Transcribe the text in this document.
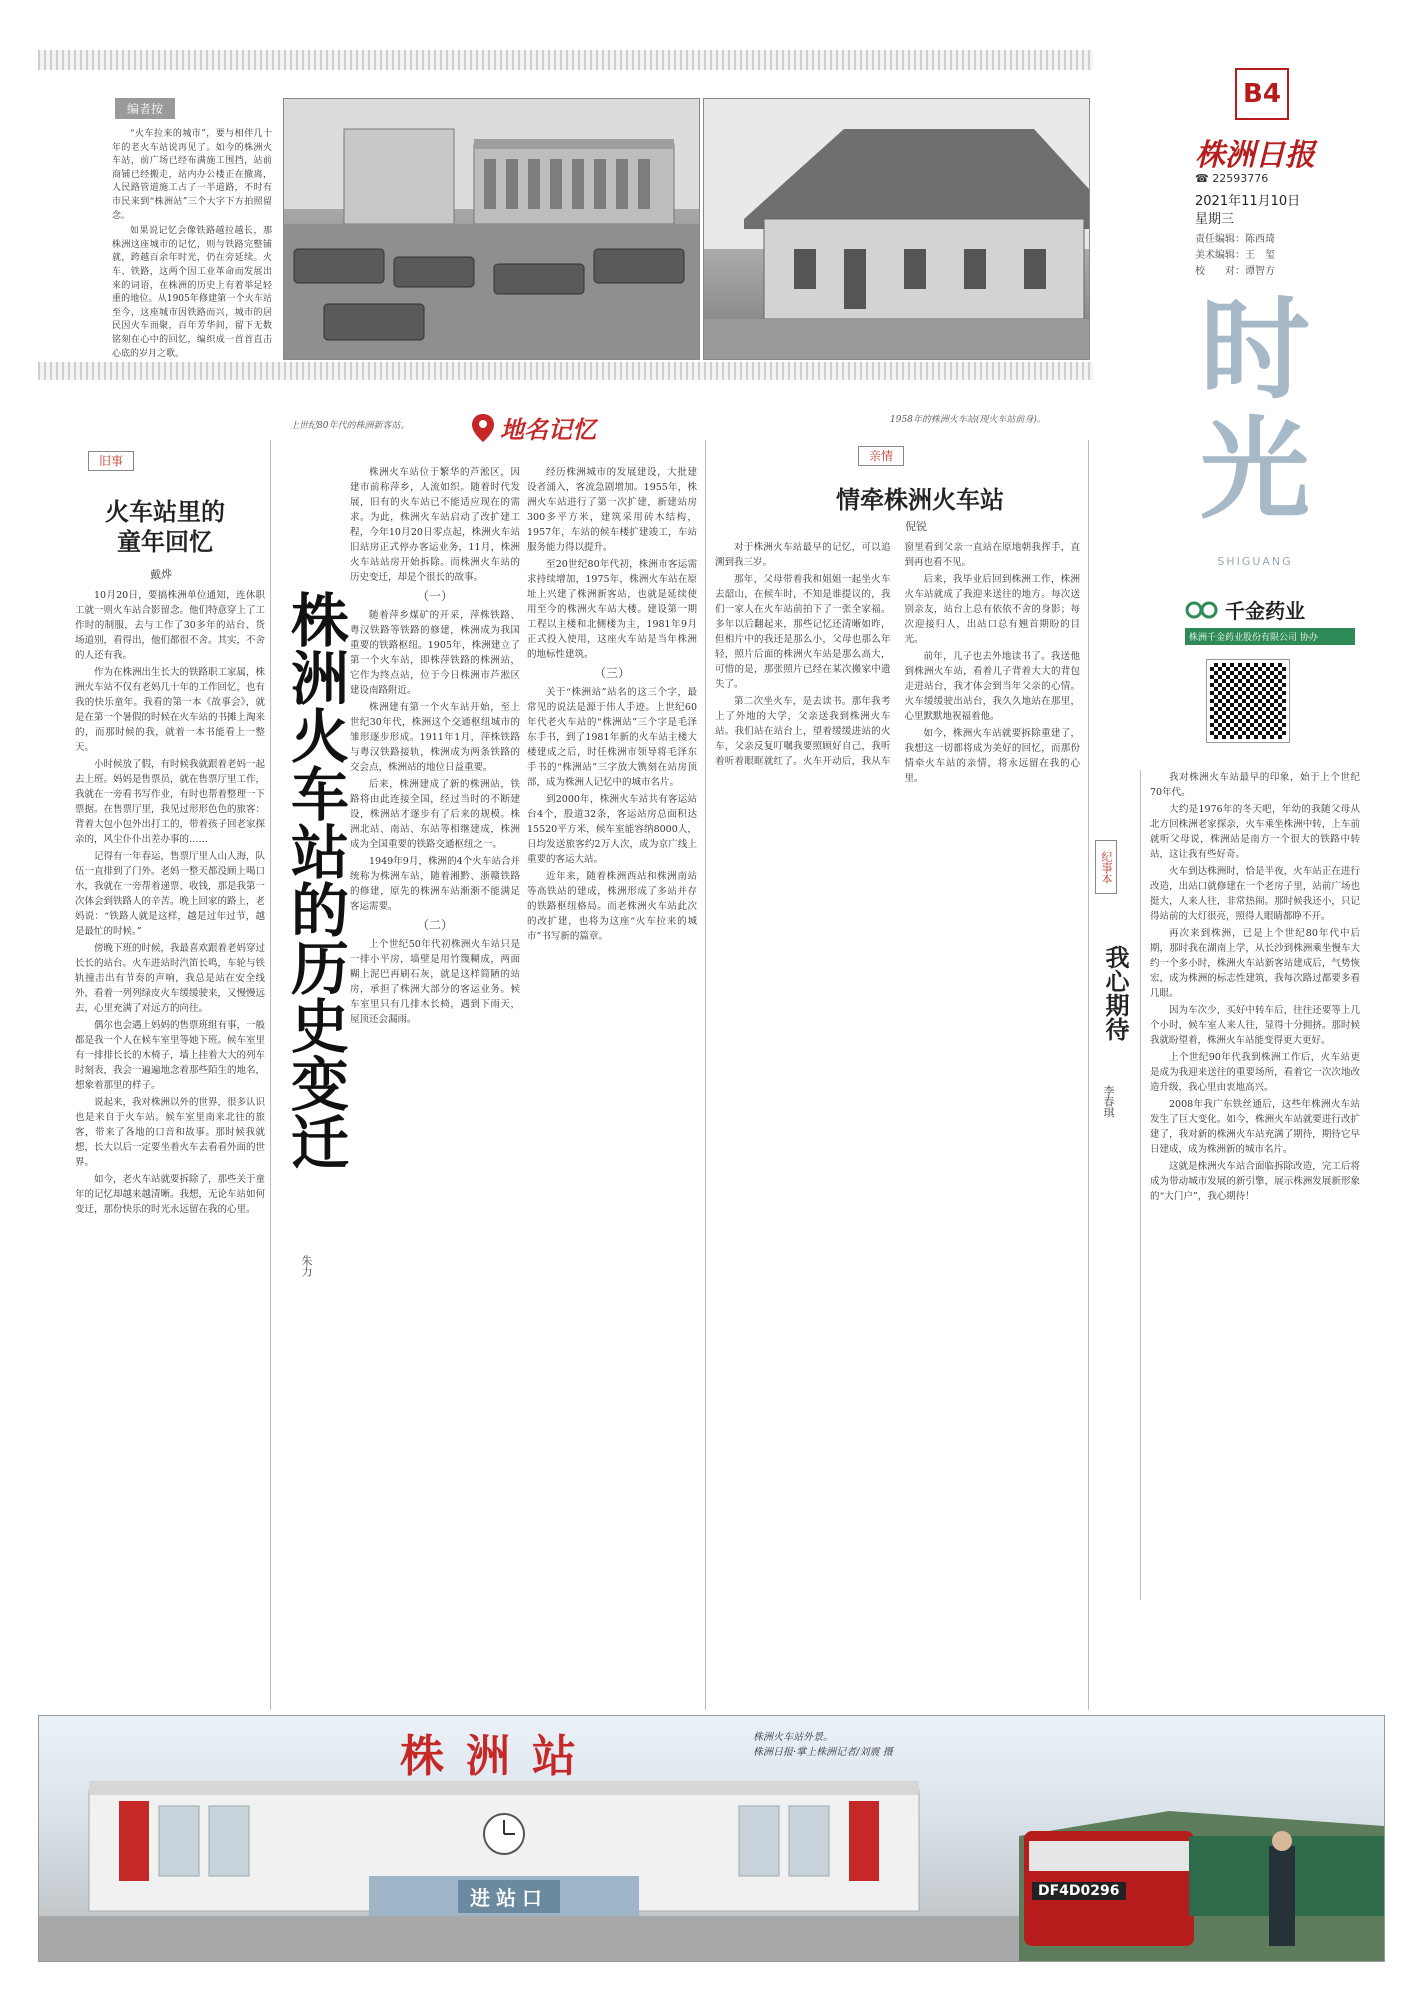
B4
株洲日报
☎ 22593776
2021年11月10日
星期三
责任编辑：陈西琦
美术编辑：王　玺
校　　对：谭智方
时
光
SHIGUANG
千金药业
株洲千金药业股份有限公司 协办
编者按

“火车拉来的城市”，要与相伴几十年的老火车站说再见了。如今的株洲火车站，前广场已经布满施工围挡，站前商铺已经搬走，站内办公楼正在撤离，人民路管道施工占了一半道路，不时有市民来到“株洲站”三个大字下方拍照留念。

如果说记忆会像铁路越拉越长，那株洲这座城市的记忆，则与铁路完整铺就，跨越百余年时光，仍在旁延续。火车、铁路，这两个因工业革命而发展出来的词语，在株洲的历史上有着举足轻重的地位。从1905年修建第一个火车站至今，这座城市因铁路而兴，城市的居民因火车而聚，百年芳华间，留下无数铭刻在心中的回忆，编织成一首首直击心底的岁月之歌。

上世纪80年代的株洲新客站。
1958年的株洲火车站(现火车站前身)。
地名记忆
旧事
火车站里的
童年回忆
戴烨

10月20日，要搞株洲单位通知，连休职工就一则火车站合影留念。他们特意穿上了工作时的制服，去与工作了30多年的站台、货场道别，看得出，他们都很不舍。其实，不舍的人还有我。

作为在株洲出生长大的铁路职工家属，株洲火车站不仅有老妈几十年的工作回忆，也有我的快乐童年。我看的第一本《故事会》，就是在第一个暑假的时候在火车站的书摊上淘来的，而那时候的我，就着一本书能看上一整天。

小时候放了假，有时候我就跟着老妈一起去上班。妈妈是售票员，就在售票厅里工作，我就在一旁看书写作业，有时也帮着整理一下票据。在售票厅里，我见过形形色色的旅客：背着大包小包外出打工的，带着孩子回老家探亲的，风尘仆仆出差办事的……

记得有一年春运，售票厅里人山人海，队伍一直排到了门外。老妈一整天都没顾上喝口水，我就在一旁帮着递票、收钱，那是我第一次体会到铁路人的辛苦。晚上回家的路上，老妈说：“铁路人就是这样，越是过年过节，越是最忙的时候。”

傍晚下班的时候，我最喜欢跟着老妈穿过长长的站台。火车进站时汽笛长鸣，车轮与铁轨撞击出有节奏的声响，我总是站在安全线外，看着一列列绿皮火车缓缓驶来，又慢慢远去，心里充满了对远方的向往。

偶尔也会遇上妈妈的售票班组有事，一般都是我一个人在候车室里等她下班。候车室里有一排排长长的木椅子，墙上挂着大大的列车时刻表，我会一遍遍地念着那些陌生的地名，想象着那里的样子。

说起来，我对株洲以外的世界，很多认识也是来自于火车站。候车室里南来北往的旅客，带来了各地的口音和故事。那时候我就想，长大以后一定要坐着火车去看看外面的世界。

如今，老火车站就要拆除了，那些关于童年的记忆却越来越清晰。我想，无论车站如何变迁，那份快乐的时光永远留在我的心里。

株洲火车站的历史变迁
朱力

株洲火车站位于繁华的芦淞区，因建市前称萍乡，人流如织。随着时代发展，旧有的火车站已不能适应现在的需求。为此，株洲火车站启动了改扩建工程，今年10月20日零点起，株洲火车站旧站房正式停办客运业务，11月，株洲火车站站房开始拆除。而株洲火车站的历史变迁，却是个很长的故事。

（一）

随着萍乡煤矿的开采，萍株铁路、粤汉铁路等铁路的修建，株洲成为我国重要的铁路枢纽。1905年，株洲建立了第一个火车站，即株萍铁路的株洲站，它作为终点站，位于今日株洲市芦淞区建设南路附近。

株洲建有第一个火车站开始，至上世纪30年代，株洲这个交通枢纽城市的雏形逐步形成。1911年1月，萍株铁路与粤汉铁路接轨，株洲成为两条铁路的交会点，株洲站的地位日益重要。

后来，株洲建成了新的株洲站，铁路将由此连接全国，经过当时的不断建设，株洲站才逐步有了后来的规模。株洲北站、南站、东站等相继建成，株洲成为全国重要的铁路交通枢纽之一。

1949年9月，株洲的4个火车站合并统称为株洲车站，随着湘黔、浙赣铁路的修建，原先的株洲车站渐渐不能满足客运需要。

（二）

上个世纪50年代初株洲火车站只是一排小平房，墙壁是用竹篾糊成，两面糊上泥巴再刷石灰，就是这样简陋的站房，承担了株洲大部分的客运业务。候车室里只有几排木长椅，遇到下雨天，屋顶还会漏雨。

经历株洲城市的发展建设，大批建设者涌入，客流急剧增加。1955年，株洲火车站进行了第一次扩建，新建站房300多平方米，建筑采用砖木结构，1957年，车站的候车楼扩建竣工，车站服务能力得以提升。

至20世纪80年代初，株洲市客运需求持续增加，1975年，株洲火车站在原址上兴建了株洲新客站，也就是延续使用至今的株洲火车站大楼。建设第一期工程以主楼和北侧楼为主，1981年9月正式投入使用，这座火车站是当年株洲的地标性建筑。

（三）

关于“株洲站”站名的这三个字，最常见的说法是源于伟人手迹。上世纪60年代老火车站的“株洲站”三个字是毛泽东手书，到了1981年新的火车站主楼大楼建成之后，时任株洲市领导将毛泽东手书的“株洲站”三字放大镌刻在站房顶部，成为株洲人记忆中的城市名片。

到2000年，株洲火车站共有客运站台4个，股道32条，客运站房总面积达15520平方米，候车室能容纳8000人，日均发送旅客约2万人次，成为京广线上重要的客运大站。

近年来，随着株洲西站和株洲南站等高铁站的建成，株洲形成了多站并存的铁路枢纽格局。而老株洲火车站此次的改扩建，也将为这座“火车拉来的城市”书写新的篇章。

亲情
情牵株洲火车站
倪锐

对于株洲火车站最早的记忆，可以追溯到我三岁。

那年，父母带着我和姐姐一起坐火车去韶山，在候车时，不知是谁提议的，我们一家人在火车站前拍下了一张全家福。多年以后翻起来，那些记忆还清晰如昨，但相片中的我还是那么小，父母也那么年轻，照片后面的株洲火车站是那么高大，可惜的是，那张照片已经在某次搬家中遗失了。

第二次坐火车，是去读书。那年我考上了外地的大学，父亲送我到株洲火车站。我们站在站台上，望着缓缓进站的火车，父亲反复叮嘱我要照顾好自己，我听着听着眼眶就红了。火车开动后，我从车窗里看到父亲一直站在原地朝我挥手，直到再也看不见。

后来，我毕业后回到株洲工作，株洲火车站就成了我迎来送往的地方。每次送别亲友，站台上总有依依不舍的身影；每次迎接归人，出站口总有翘首期盼的目光。

前年，儿子也去外地读书了。我送他到株洲火车站，看着儿子背着大大的背包走进站台，我才体会到当年父亲的心情。火车缓缓驶出站台，我久久地站在那里，心里默默地祝福着他。

如今，株洲火车站就要拆除重建了，我想这一切都将成为美好的回忆，而那份情牵火车站的亲情，将永远留在我的心里。

纪事本
我心期待
李春琪

我对株洲火车站最早的印象，始于上个世纪70年代。

大约是1976年的冬天吧，年幼的我随父母从北方回株洲老家探亲，火车乘坐株洲中转，上车前就听父母说，株洲站是南方一个很大的铁路中转站，这让我有些好奇。

火车到达株洲时，恰是半夜，火车站正在进行改造，出站口就修建在一个老房子里，站前广场也挺大，人来人往，非常热闹。那时候我还小，只记得站前的大灯很亮，照得人眼睛都睁不开。

再次来到株洲，已是上个世纪80年代中后期，那时我在湖南上学，从长沙到株洲乘坐慢车大约一个多小时，株洲火车站新客站建成后，气势恢宏，成为株洲的标志性建筑，我每次路过都要多看几眼。

因为车次少，买好中转车后，往往还要等上几个小时，候车室人来人往，显得十分拥挤。那时候我就盼望着，株洲火车站能变得更大更好。

上个世纪90年代我到株洲工作后，火车站更是成为我迎来送往的重要场所，看着它一次次地改造升级，我心里由衷地高兴。

2008年我广东铁丝通后，这些年株洲火车站发生了巨大变化。如今，株洲火车站就要进行改扩建了，我对新的株洲火车站充满了期待，期待它早日建成，成为株洲新的城市名片。

这就是株洲火车站合面临拆除改造，完工后将成为带动城市发展的新引擎，展示株洲发展新形象的“大门户”，我心期待！

株洲站
进站口	DF4D0296
株洲火车站外景。
株洲日报·掌上株洲记者/刘震 摄
